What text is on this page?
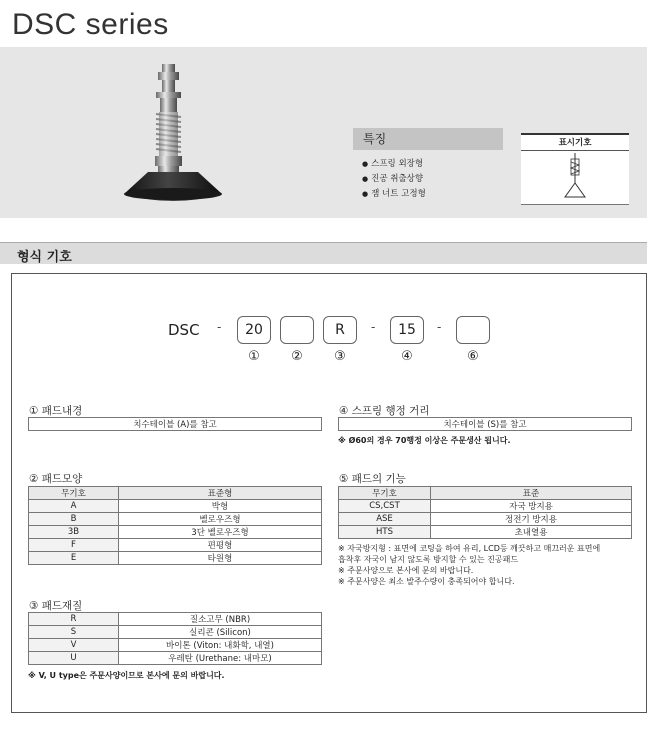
DSC series
특징
● 스프링 외장형
● 진공 취출상향
● 잼 너트 고정형
표시기호
형식 기호
DSC -	20	R	-	15	-
①	②	③	④	⑥
① 패드내경
치수테이블 (A)를 참고
④ 스프링 행정 거리
치수테이블 (S)를 참고
※ Ø60의 경우 70행정 이상은 주문생산 됩니다.
② 패드모양
무기호	표준형
A	박형
B	벨로우즈형
3B	3단 벨로우즈형
F	편평형
E	타원형
⑤ 패드의 기능
무기호	표준
CS,CST	자국 방지용
ASE	정전기 방지용
HTS	초내열용
※ 자국방지형 : 표면에 코팅을 하여 유리, LCD등 깨끗하고 매끄러운 표면에
흡착후 자국이 남지 않도록 방지할 수 있는 진공패드
※ 주문사양으로 본사에 문의 바랍니다.
※ 주문사양은 최소 발주수량이 충족되어야 합니다.
③ 패드재질
R	질소고무 (NBR)
S	실리콘 (Silicon)
V	바이톤 (Viton: 내화학, 내열)
U	우레탄 (Urethane: 내마모)
※ V, U type은 주문사양이므로 본사에 문의 바랍니다.
